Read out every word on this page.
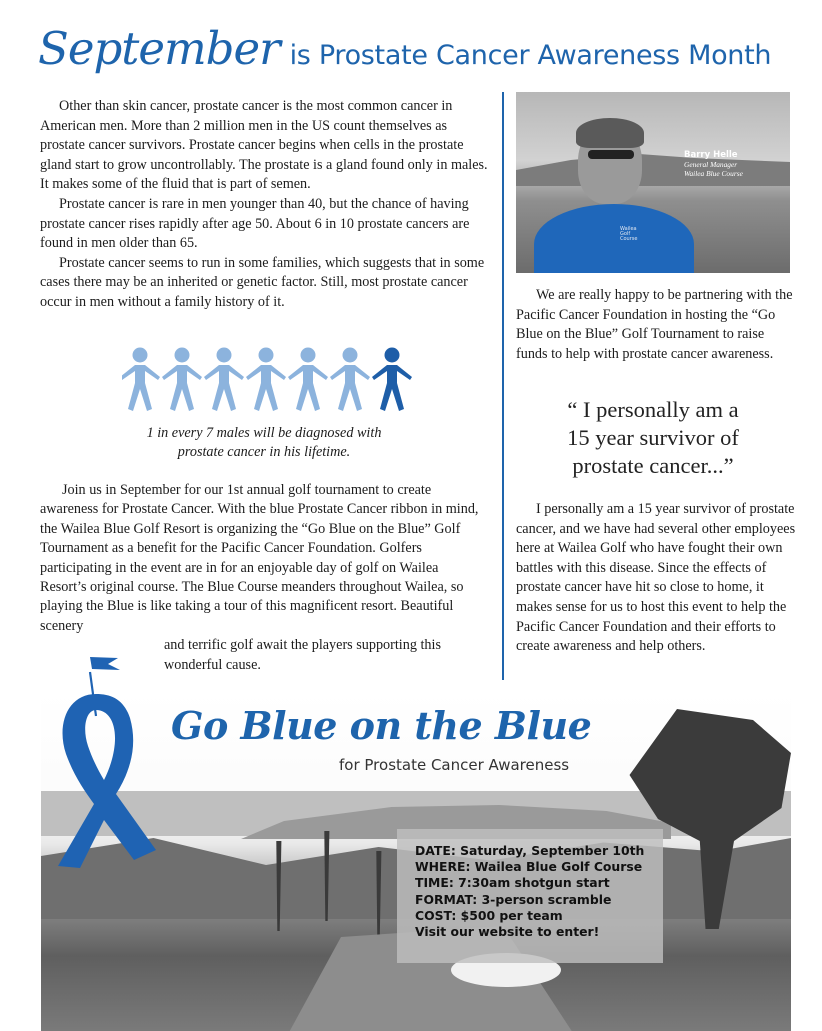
September is Prostate Cancer Awareness Month

Other than skin cancer, prostate cancer is the most common cancer in American men. More than 2 million men in the US count themselves as prostate cancer survivors. Prostate cancer begins when cells in the prostate gland start to grow uncontrollably. The prostate is a gland found only in males. It makes some of the fluid that is part of semen.

Prostate cancer is rare in men younger than 40, but the chance of having prostate cancer rises rapidly after age 50. About 6 in 10 prostate cancers are found in men older than 65.

Prostate cancer seems to run in some families, which suggests that in some cases there may be an inherited or genetic factor. Still, most prostate cancer occur in men without a family history of it.

1 in every 7 males will be diagnosed with
prostate cancer in his lifetime.

Join us in September for our 1st annual golf tournament to create awareness for Prostate Cancer. With the blue Prostate Cancer ribbon in mind, the Wailea Blue Golf Resort is organizing the “Go Blue on the Blue” Golf Tournament as a benefit for the Pacific Cancer Foundation. Golfers participating in the event are in for an enjoyable day of golf on Wailea Resort’s original course. The Blue Course meanders throughout Wailea, so playing the Blue is like taking a tour of this magnificent resort. Beautiful scenery

and terrific golf await the players supporting this wonderful cause.

Wailea Golf Course
Barry Helle
General Manager
Wailea Blue Course

We are really happy to be partnering with the Pacific Cancer Foundation in hosting the “Go Blue on the Blue” Golf Tournament to raise funds to help with prostate cancer awareness.

“ I personally am a
15 year survivor of
prostate cancer...”

I personally am a 15 year survivor of prostate cancer, and we have had several other employees here at Wailea Golf who have fought their own battles with this disease. Since the effects of prostate cancer have hit so close to home, it makes sense for us to host this event to help the Pacific Cancer Foundation and their efforts to create awareness and help others.

Go Blue on the Blue
for Prostate Cancer Awareness
DATE: Saturday, September 10th
WHERE: Wailea Blue Golf Course
TIME: 7:30am shotgun start
FORMAT: 3-person scramble
COST: $500 per team
Visit our website to enter!
